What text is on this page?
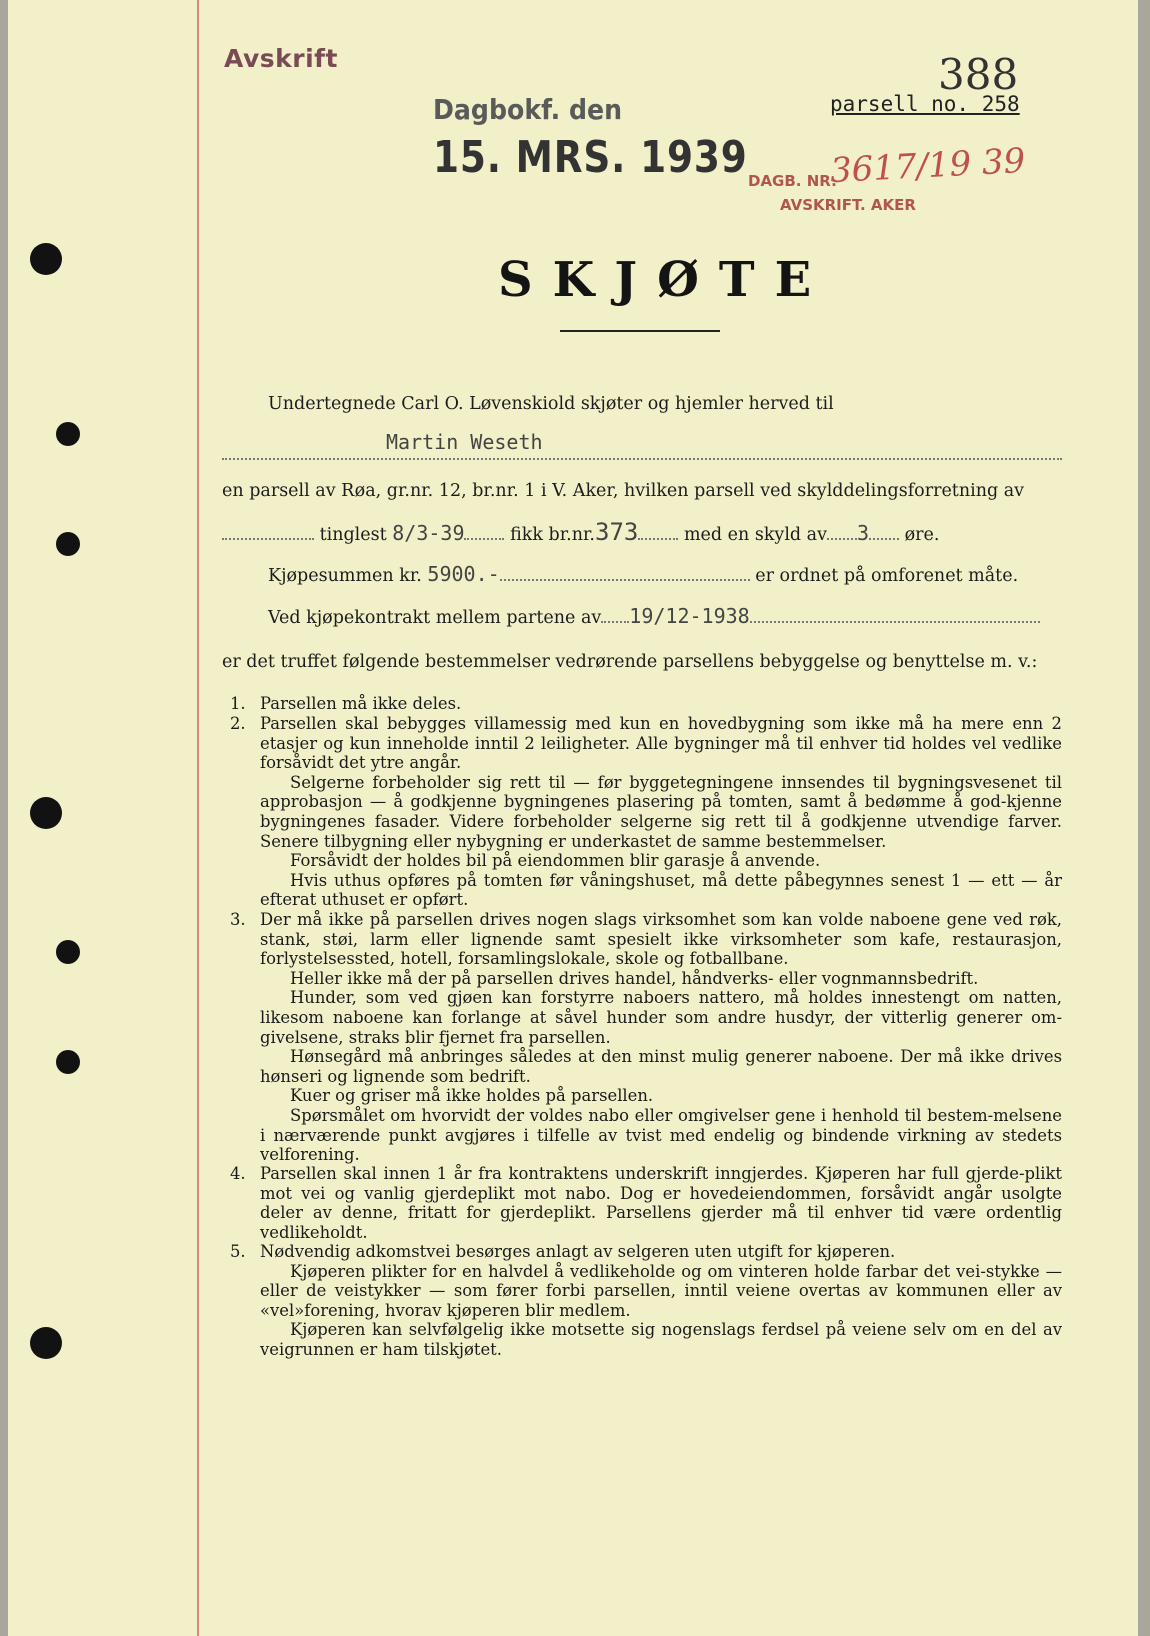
Avskrift	388
parsell no. 258
Dagbokf. den
15. MRS. 1939 DAGB. NR.
3617/19 39
AVSKRIFT. AKER
SKJØTE
Undertegnede Carl O. Løvenskiold skjøter og hjemler herved til
Martin Weseth
en parsell av Røa, gr.nr. 12, br.nr. 1 i V. Aker, hvilken parsell ved skylddelingsforretning av
tinglest 8/3-39	fikk br.nr.373	med en skyld av 3 øre.
Kjøpesummen kr. 5900.-	er ordnet på omforenet måte.
Ved kjøpekontrakt mellem partene av 19/12-1938
er det truffet følgende bestemmelser vedrørende parsellens bebyggelse og benyttelse m. v.:
1. Parsellen må ikke deles.

2. Parsellen skal bebygges villamessig med kun en hovedbygning som ikke må ha mere enn 2 etasjer og kun inneholde inntil 2 leiligheter. Alle bygninger må til enhver tid holdes vel vedlike forsåvidt det ytre angår.

Selgerne forbeholder sig rett til — før byggetegningene innsendes til bygningsvesenet til approbasjon — å godkjenne bygningenes plasering på tomten, samt å bedømme å god-kjenne bygningenes fasader. Videre forbeholder selgerne sig rett til å godkjenne utvendige farver. Senere tilbygning eller nybygning er underkastet de samme bestemmelser.

Forsåvidt der holdes bil på eiendommen blir garasje å anvende.

Hvis uthus opføres på tomten før våningshuset, må dette påbegynnes senest 1 — ett — år efterat uthuset er opført.

3. Der må ikke på parsellen drives nogen slags virksomhet som kan volde naboene gene ved røk, stank, støi, larm eller lignende samt spesielt ikke virksomheter som kafe, restaurasjon, forlystelsessted, hotell, forsamlingslokale, skole og fotballbane.

Heller ikke må der på parsellen drives handel, håndverks- eller vognmannsbedrift.

Hunder, som ved gjøen kan forstyrre naboers nattero, må holdes innestengt om natten, likesom naboene kan forlange at såvel hunder som andre husdyr, der vitterlig generer om-givelsene, straks blir fjernet fra parsellen.

Hønsegård må anbringes således at den minst mulig generer naboene. Der må ikke drives hønseri og lignende som bedrift.

Kuer og griser må ikke holdes på parsellen.

Spørsmålet om hvorvidt der voldes nabo eller omgivelser gene i henhold til bestem-melsene i nærværende punkt avgjøres i tilfelle av tvist med endelig og bindende virkning av stedets velforening.

4. Parsellen skal innen 1 år fra kontraktens underskrift inngjerdes. Kjøperen har full gjerde-plikt mot vei og vanlig gjerdeplikt mot nabo. Dog er hovedeiendommen, forsåvidt angår usolgte deler av denne, fritatt for gjerdeplikt. Parsellens gjerder må til enhver tid være ordentlig vedlikeholdt.

5. Nødvendig adkomstvei besørges anlagt av selgeren uten utgift for kjøperen.

Kjøperen plikter for en halvdel å vedlikeholde og om vinteren holde farbar det vei-stykke — eller de veistykker — som fører forbi parsellen, inntil veiene overtas av kommunen eller av «vel»forening, hvorav kjøperen blir medlem.

Kjøperen kan selvfølgelig ikke motsette sig nogenslags ferdsel på veiene selv om en del av veigrunnen er ham tilskjøtet.
